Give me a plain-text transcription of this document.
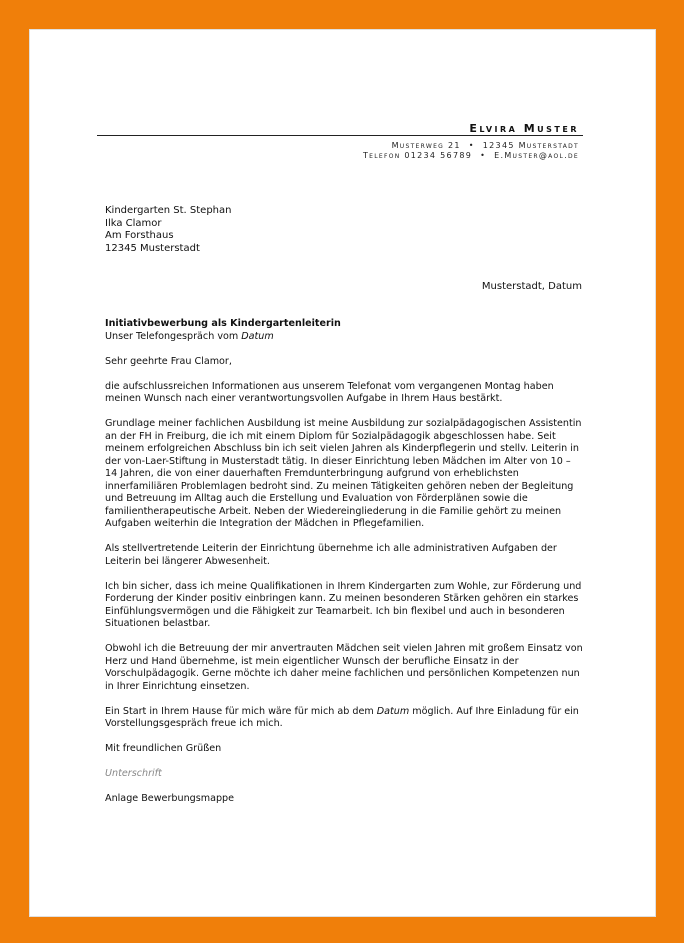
Elvira Muster
Musterweg 21 • 12345 Musterstadt
Telefon 01234 56789 • E.Muster@aol.de
Kindergarten St. Stephan
Ilka Clamor
Am Forsthaus
12345 Musterstadt
Musterstadt, Datum
Initiativbewerbung als Kindergartenleiterin

Unser Telefongespräch vom Datum

Sehr geehrte Frau Clamor,

die aufschlussreichen Informationen aus unserem Telefonat vom vergangenen Montag haben meinen Wunsch nach einer verantwortungsvollen Aufgabe in Ihrem Haus bestärkt.

Grundlage meiner fachlichen Ausbildung ist meine Ausbildung zur sozialpädagogischen Assistentin an der FH in Freiburg, die ich mit einem Diplom für Sozialpädagogik abgeschlossen habe. Seit meinem erfolgreichen Abschluss bin ich seit vielen Jahren als Kinderpflegerin und stellv. Leiterin in der von-Laer-Stiftung in Musterstadt tätig. In dieser Einrichtung leben Mädchen im Alter von 10 – 14 Jahren, die von einer dauerhaften Fremdunterbringung aufgrund von erheblichsten innerfamiliären Problemlagen bedroht sind. Zu meinen Tätigkeiten gehören neben der Begleitung und Betreuung im Alltag auch die Erstellung und Evaluation von Förderplänen sowie die familientherapeutische Arbeit. Neben der Wiedereingliederung in die Familie gehört zu meinen Aufgaben weiterhin die Integration der Mädchen in Pflegefamilien.

Als stellvertretende Leiterin der Einrichtung übernehme ich alle administrativen Aufgaben der Leiterin bei längerer Abwesenheit.

Ich bin sicher, dass ich meine Qualifikationen in Ihrem Kindergarten zum Wohle, zur Förderung und Forderung der Kinder positiv einbringen kann. Zu meinen besonderen Stärken gehören ein starkes Einfühlungsvermögen und die Fähigkeit zur Teamarbeit. Ich bin flexibel und auch in besonderen Situationen belastbar.

Obwohl ich die Betreuung der mir anvertrauten Mädchen seit vielen Jahren mit großem Einsatz von Herz und Hand übernehme, ist mein eigentlicher Wunsch der berufliche Einsatz in der Vorschulpädagogik. Gerne möchte ich daher meine fachlichen und persönlichen Kompetenzen nun in Ihrer Einrichtung einsetzen.

Ein Start in Ihrem Hause für mich wäre für mich ab dem Datum möglich. Auf Ihre Einladung für ein Vorstellungsgespräch freue ich mich.

Mit freundlichen Grüßen

Unterschrift
Anlage Bewerbungsmappe
